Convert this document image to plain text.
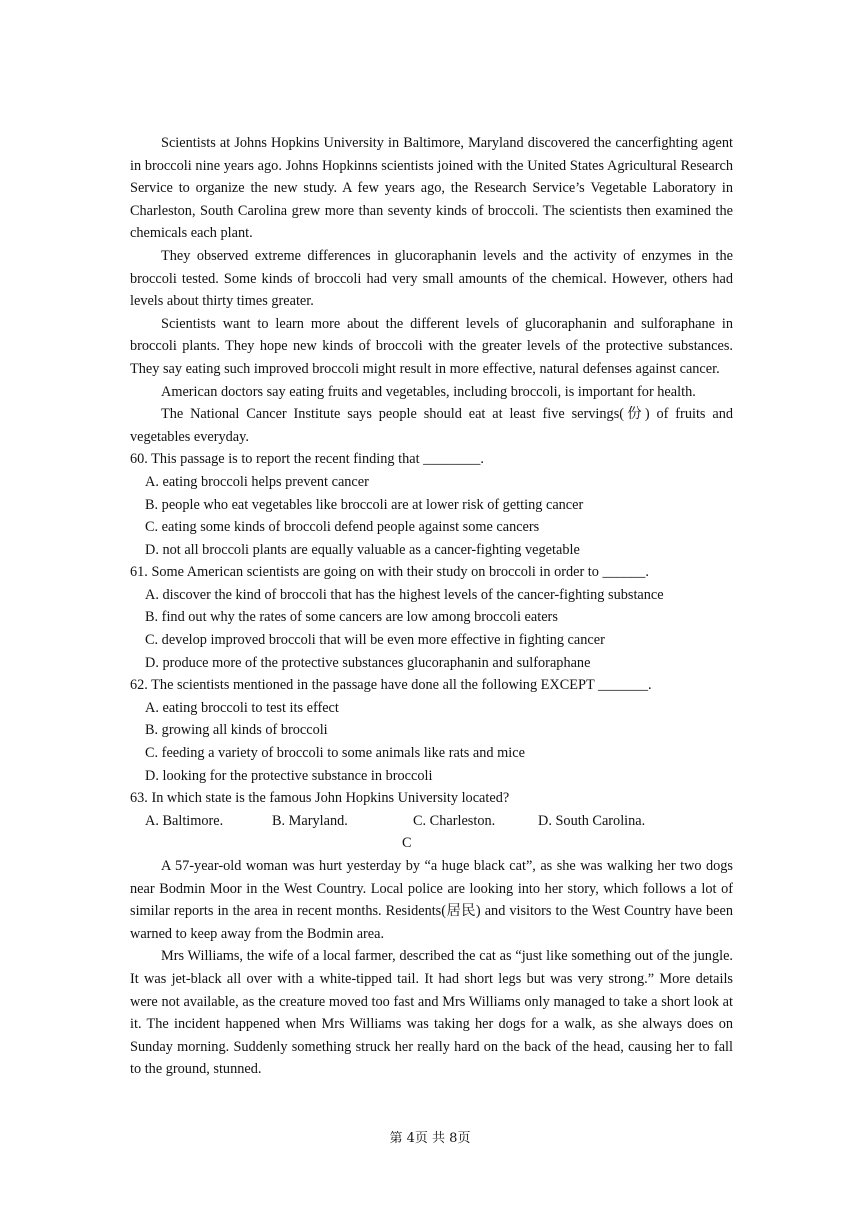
Scientists at Johns Hopkins University in Baltimore, Maryland discovered the cancerfighting agent in broccoli nine years ago. Johns Hopkinns scientists joined with the United States Agricultural Research Service to organize the new study. A few years ago, the Research Service’s Vegetable Laboratory in Charleston, South Carolina grew more than seventy kinds of broccoli. The scientists then examined the chemicals each plant.

They observed extreme differences in glucoraphanin levels and the activity of enzymes in the broccoli tested. Some kinds of broccoli had very small amounts of the chemical. However, others had levels about thirty times greater.

Scientists want to learn more about the different levels of glucoraphanin and sulforaphane in broccoli plants. They hope new kinds of broccoli with the greater levels of the protective substances. They say eating such improved broccoli might result in more effective, natural defenses against cancer.

American doctors say eating fruits and vegetables, including broccoli, is important for health.

The National Cancer Institute says people should eat at least five servings(份) of fruits and vegetables everyday.

60. This passage is to report the recent finding that ________.

A. eating broccoli helps prevent cancer

B. people who eat vegetables like broccoli are at lower risk of getting cancer

C. eating some kinds of broccoli defend people against some cancers

D. not all broccoli plants are equally valuable as a cancer-fighting vegetable

61. Some American scientists are going on with their study on broccoli in order to ______.

A. discover the kind of broccoli that has the highest levels of the cancer-fighting substance

B. find out why the rates of some cancers are low among broccoli eaters

C. develop improved broccoli that will be even more effective in fighting cancer

D. produce more of the protective substances glucoraphanin and sulforaphane

62. The scientists mentioned in the passage have done all the following EXCEPT _______.

A. eating broccoli to test its effect

B. growing all kinds of broccoli

C. feeding a variety of broccoli to some animals like rats and mice

D. looking for the protective substance in broccoli

63. In which state is the famous John Hopkins University located?

A. Baltimore.	B. Maryland.	C. Charleston.	D. South Carolina.

C

A 57-year-old woman was hurt yesterday by “a huge black cat”, as she was walking her two dogs near Bodmin Moor in the West Country. Local police are looking into her story, which follows a lot of similar reports in the area in recent months. Residents(居民) and visitors to the West Country have been warned to keep away from the Bodmin area.

Mrs Williams, the wife of a local farmer, described the cat as “just like something out of the jungle. It was jet-black all over with a white-tipped tail. It had short legs but was very strong.” More details were not available, as the creature moved too fast and Mrs Williams only managed to take a short look at it. The incident happened when Mrs Williams was taking her dogs for a walk, as she always does on Sunday morning. Suddenly something struck her really hard on the back of the head, causing her to fall to the ground, stunned.

第 4页 共 8页
